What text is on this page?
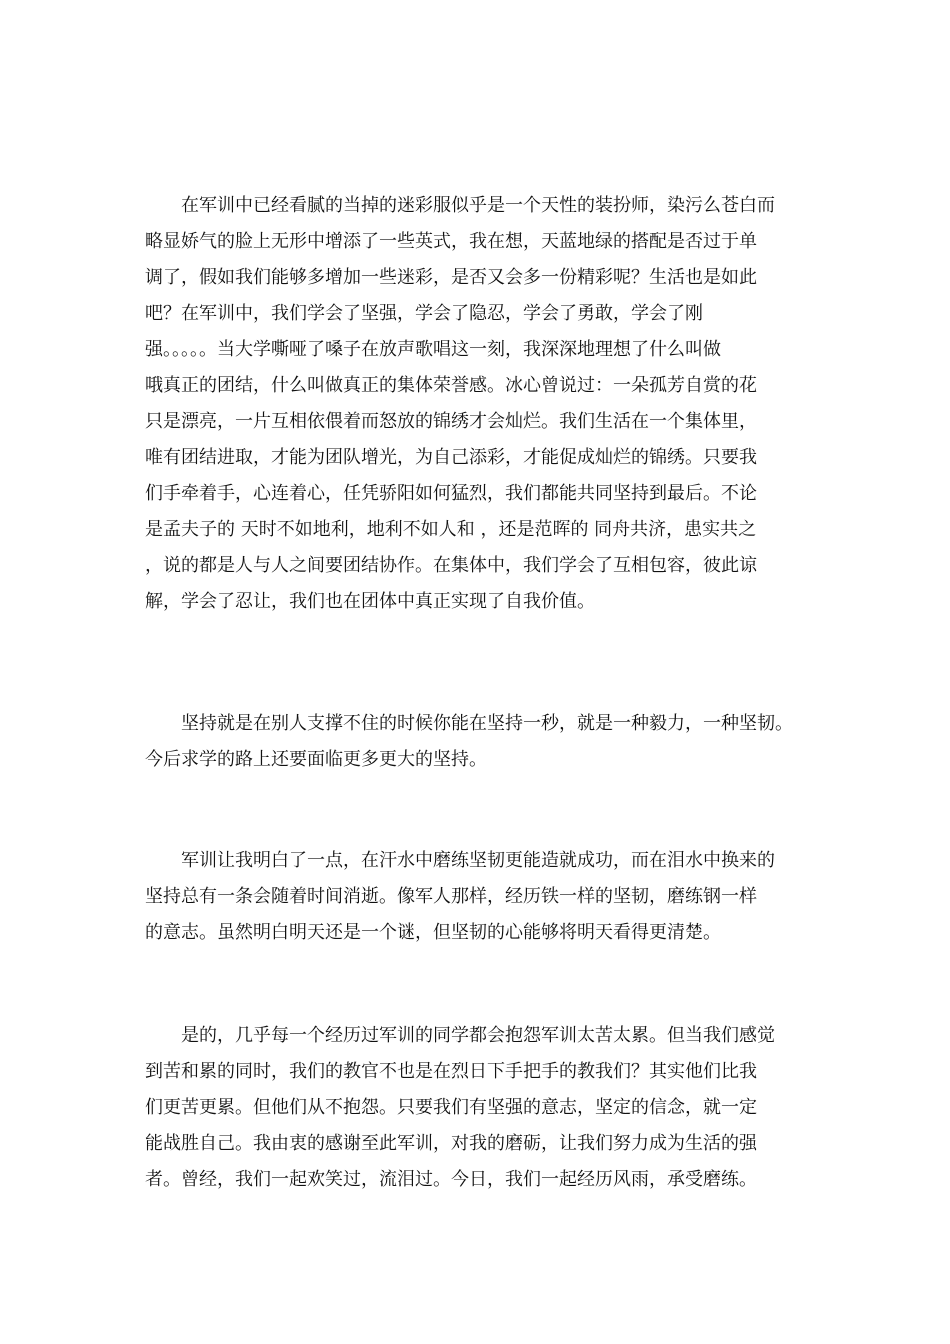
　　在军训中已经看腻的当掉的迷彩服似乎是一个天性的装扮师，染污么苍白而
略显娇气的脸上无形中增添了一些英式，我在想，天蓝地绿的搭配是否过于单
调了，假如我们能够多增加一些迷彩，是否又会多一份精彩呢？生活也是如此
吧？在军训中，我们学会了坚强，学会了隐忍，学会了勇敢，学会了刚
强。。。。。当大学嘶哑了嗓子在放声歌唱这一刻，我深深地理想了什么叫做
哦真正的团结，什么叫做真正的集体荣誉感。冰心曾说过：一朵孤芳自赏的花
只是漂亮，一片互相依偎着而怒放的锦绣才会灿烂。我们生活在一个集体里，
唯有团结进取，才能为团队增光，为自己添彩，才能促成灿烂的锦绣。只要我
们手牵着手，心连着心，任凭骄阳如何猛烈，我们都能共同坚持到最后。不论
是孟夫子的 天时不如地利，地利不如人和 ，还是范晖的 同舟共济，患实共之
，说的都是人与人之间要团结协作。在集体中，我们学会了互相包容，彼此谅
解，学会了忍让，我们也在团体中真正实现了自我价值。
　　坚持就是在别人支撑不住的时候你能在坚持一秒，就是一种毅力，一种坚韧。
今后求学的路上还要面临更多更大的坚持。
　　军训让我明白了一点，在汗水中磨练坚韧更能造就成功，而在泪水中换来的
坚持总有一条会随着时间消逝。像军人那样，经历铁一样的坚韧，磨练钢一样
的意志。虽然明白明天还是一个谜，但坚韧的心能够将明天看得更清楚。
　　是的，几乎每一个经历过军训的同学都会抱怨军训太苦太累。但当我们感觉
到苦和累的同时，我们的教官不也是在烈日下手把手的教我们？其实他们比我
们更苦更累。但他们从不抱怨。只要我们有坚强的意志，坚定的信念，就一定
能战胜自己。我由衷的感谢至此军训，对我的磨砺，让我们努力成为生活的强
者。曾经，我们一起欢笑过，流泪过。今日，我们一起经历风雨，承受磨练。
